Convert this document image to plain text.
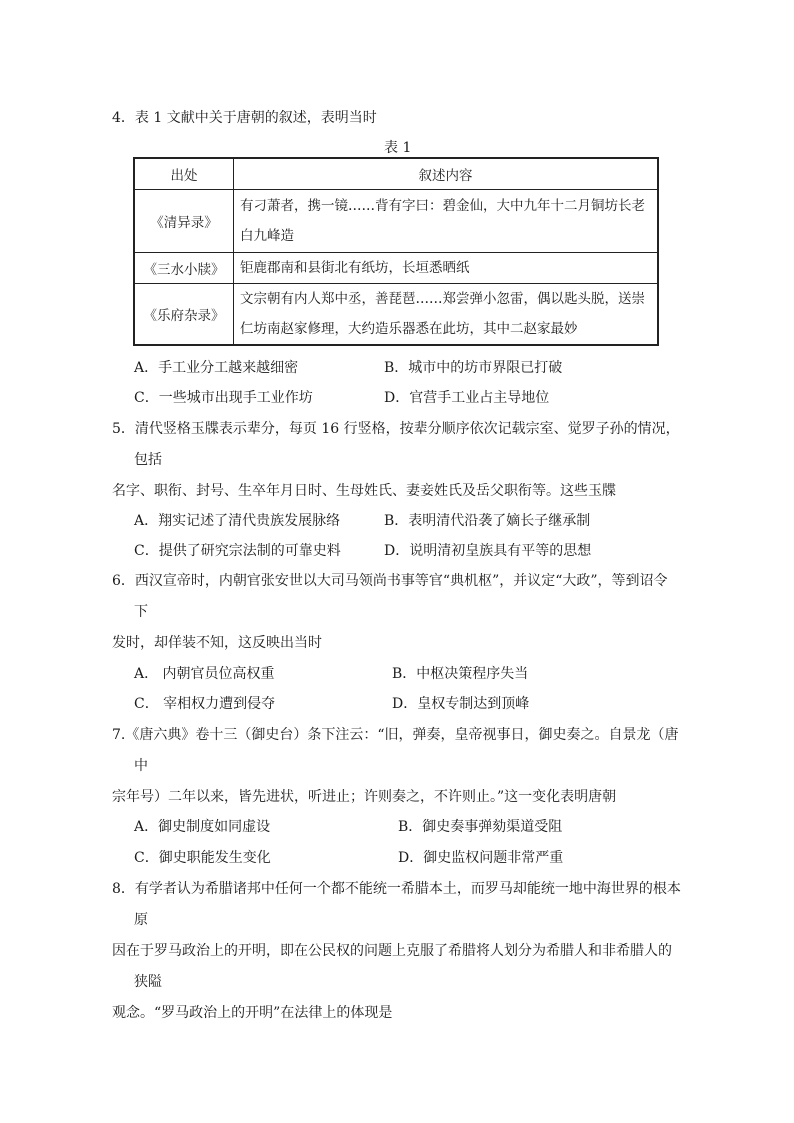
4．表 1 文献中关于唐朝的叙述，表明当时
表 1
出处	叙述内容
《清异录》	有刁萧者，携一镜……背有字曰：碧金仙，大中九年十二月铜坊长老白九峰造
《三水小牍》	钜鹿郡南和县街北有纸坊，长垣悉晒纸
《乐府杂录》	文宗朝有内人郑中丞，善琵琶……郑尝弹小忽雷，偶以匙头脱，送崇仁坊南赵家修理，大约造乐器悉在此坊，其中二赵家最妙
A．手工业分工越来越细密	B．城市中的坊市界限已打破
C．一些城市出现手工业作坊	D．官营手工业占主导地位
5．清代竖格玉牒表示辈分，每页 16 行竖格，按辈分顺序依次记载宗室、觉罗子孙的情况，
包括
名字、职衔、封号、生卒年月日时、生母姓氏、妻妾姓氏及岳父职衔等。这些玉牒
A．翔实记述了清代贵族发展脉络	B．表明清代沿袭了嫡长子继承制
C．提供了研究宗法制的可靠史料	D．说明清初皇族具有平等的思想
6．西汉宣帝时，内朝官张安世以大司马领尚书事等官“典机枢”，并议定“大政”，等到诏令
下
发时，却佯装不知，这反映出当时
A． 内朝官员位高权重	B．中枢决策程序失当
C． 宰相权力遭到侵夺	D．皇权专制达到顶峰
7.《唐六典》卷十三（御史台）条下注云：“旧，弹奏，皇帝视事日，御史奏之。自景龙（唐
中
宗年号）二年以来，皆先进状，听进止；许则奏之，不许则止。”这一变化表明唐朝
A．御史制度如同虚设	B．御史奏事弹劾渠道受阻
C．御史职能发生变化	D．御史监权问题非常严重
8．有学者认为希腊诸邦中任何一个都不能统一希腊本土，而罗马却能统一地中海世界的根本
原
因在于罗马政治上的开明，即在公民权的问题上克服了希腊将人划分为希腊人和非希腊人的
狭隘
观念。“罗马政治上的开明”在法律上的体现是
